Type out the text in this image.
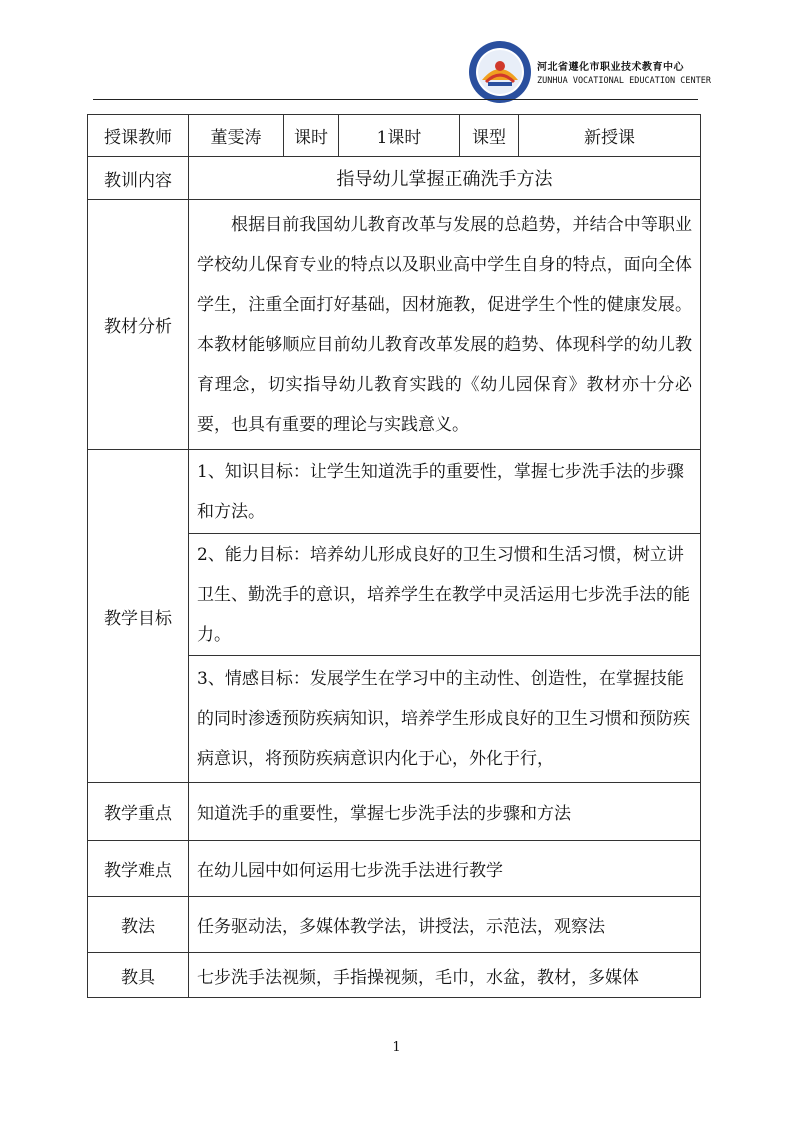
河北省遵化市职业技术教育中心
ZUNHUA VOCATIONAL EDUCATION CENTER
授课教师	董雯涛	课时	1课时	课型	新授课
教训内容	指导幼儿掌握正确洗手方法				
教材分析	根据目前我国幼儿教育改革与发展的总趋势，并结合中等职业学校幼儿保育专业的特点以及职业高中学生自身的特点，面向全体学生，注重全面打好基础，因材施教，促进学生个性的健康发展。本教材能够顺应目前幼儿教育改革发展的趋势、体现科学的幼儿教育理念，切实指导幼儿教育实践的《幼儿园保育》教材亦十分必要，也具有重要的理论与实践意义。				

教学目标	1、知识目标：让学生知道洗手的重要性，掌握七步洗手法的步骤和方法。				
	2、能力目标：培养幼儿形成良好的卫生习惯和生活习惯，树立讲卫生、勤洗手的意识，培养学生在教学中灵活运用七步洗手法的能力。				
	3、情感目标：发展学生在学习中的主动性、创造性，在掌握技能的同时渗透预防疾病知识，培养学生形成良好的卫生习惯和预防疾病意识，将预防疾病意识内化于心，外化于行，				
教学重点	知道洗手的重要性，掌握七步洗手法的步骤和方法				
教学难点	在幼儿园中如何运用七步洗手法进行教学				
教法	任务驱动法，多媒体教学法，讲授法，示范法，观察法				
教具	七步洗手法视频，手指操视频，毛巾，水盆，教材，多媒体				
1
